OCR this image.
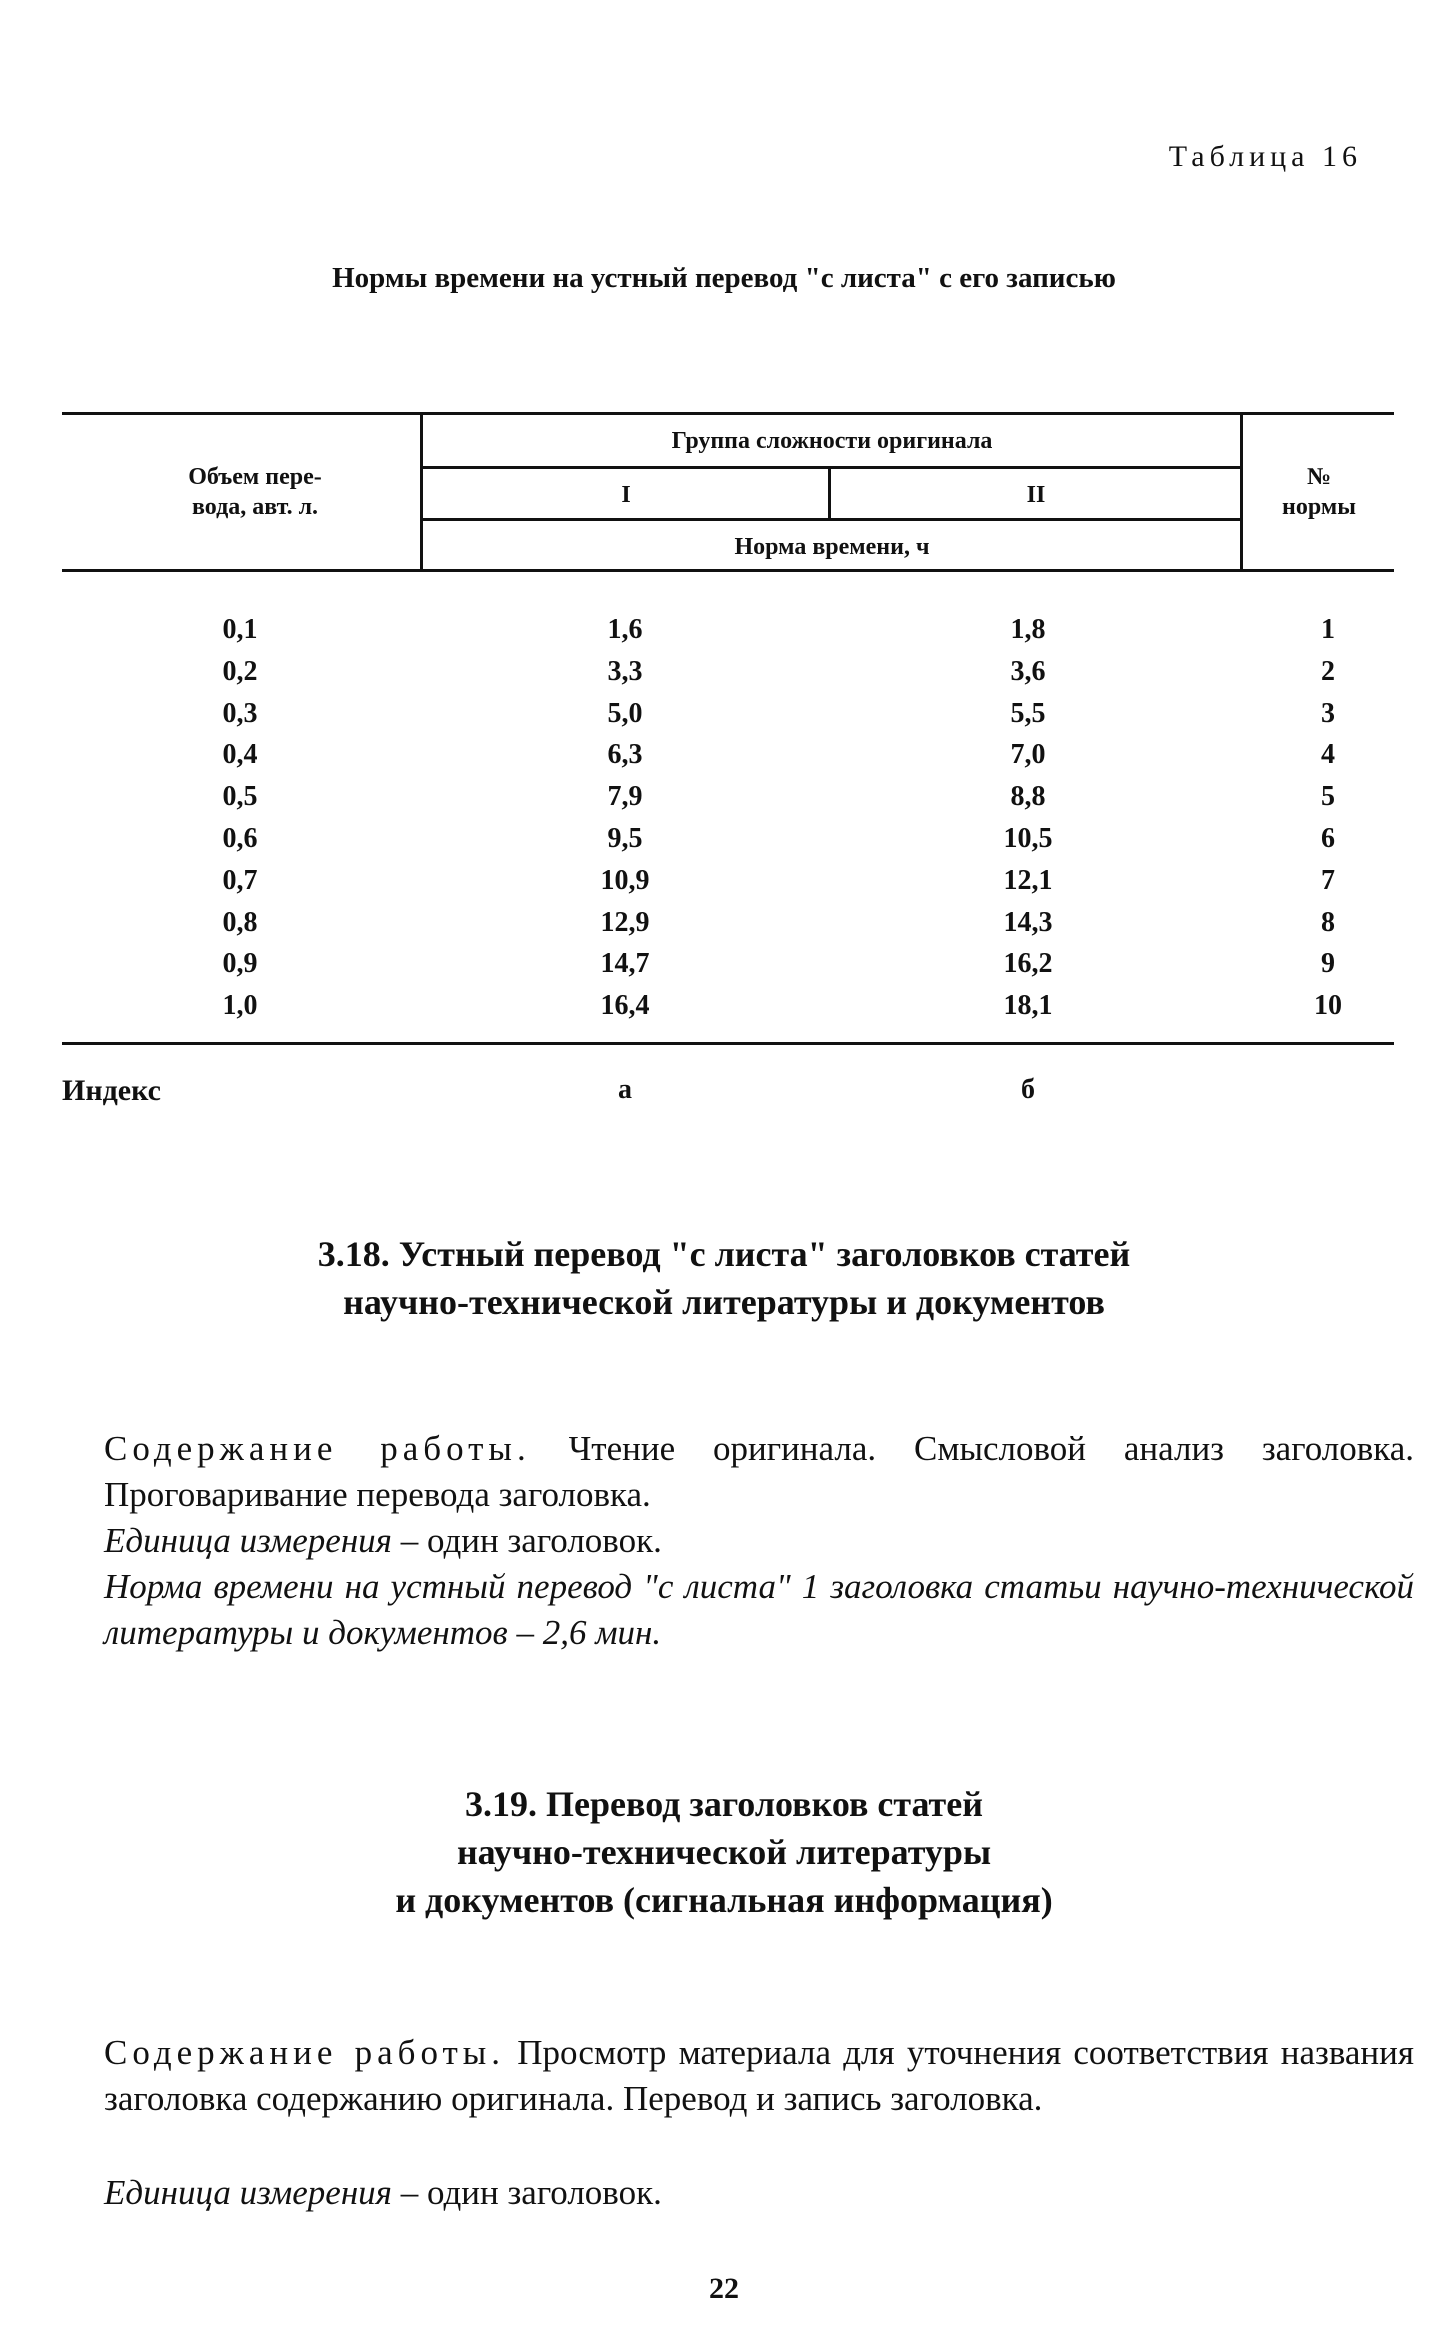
Таблица 16
Нормы времени на устный перевод "с листа" с его записью
Объем пере-
вода, авт. л.
Группа сложности оригинала
I	II
Норма времени, ч
№
нормы
0,1	1,6	1,8	1
0,2	3,3	3,6	2
0,3	5,0	5,5	3
0,4	6,3	7,0	4
0,5	7,9	8,8	5
0,6	9,5	10,5	6
0,7	10,9	12,1	7
0,8	12,9	14,3	8
0,9	14,7	16,2	9
1,0	16,4	18,1	10
Индекс	а	б
3.18. Устный перевод "с листа" заголовков статей
научно-технической литературы и документов
Содержание работы. Чтение оригинала. Смысловой анализ заголовка. Проговаривание перевода заголовка.
Единица измерения – один заголовок.
Норма времени на устный перевод "с листа" 1 заголовка статьи научно-технической литературы и документов – 2,6 мин.
3.19. Перевод заголовков статей
научно-технической литературы
и документов (сигнальная информация)
Содержание работы. Просмотр материала для уточнения соответствия названия заголовка содержанию оригинала. Перевод и запись заголовка.
Единица измерения – один заголовок.
22
